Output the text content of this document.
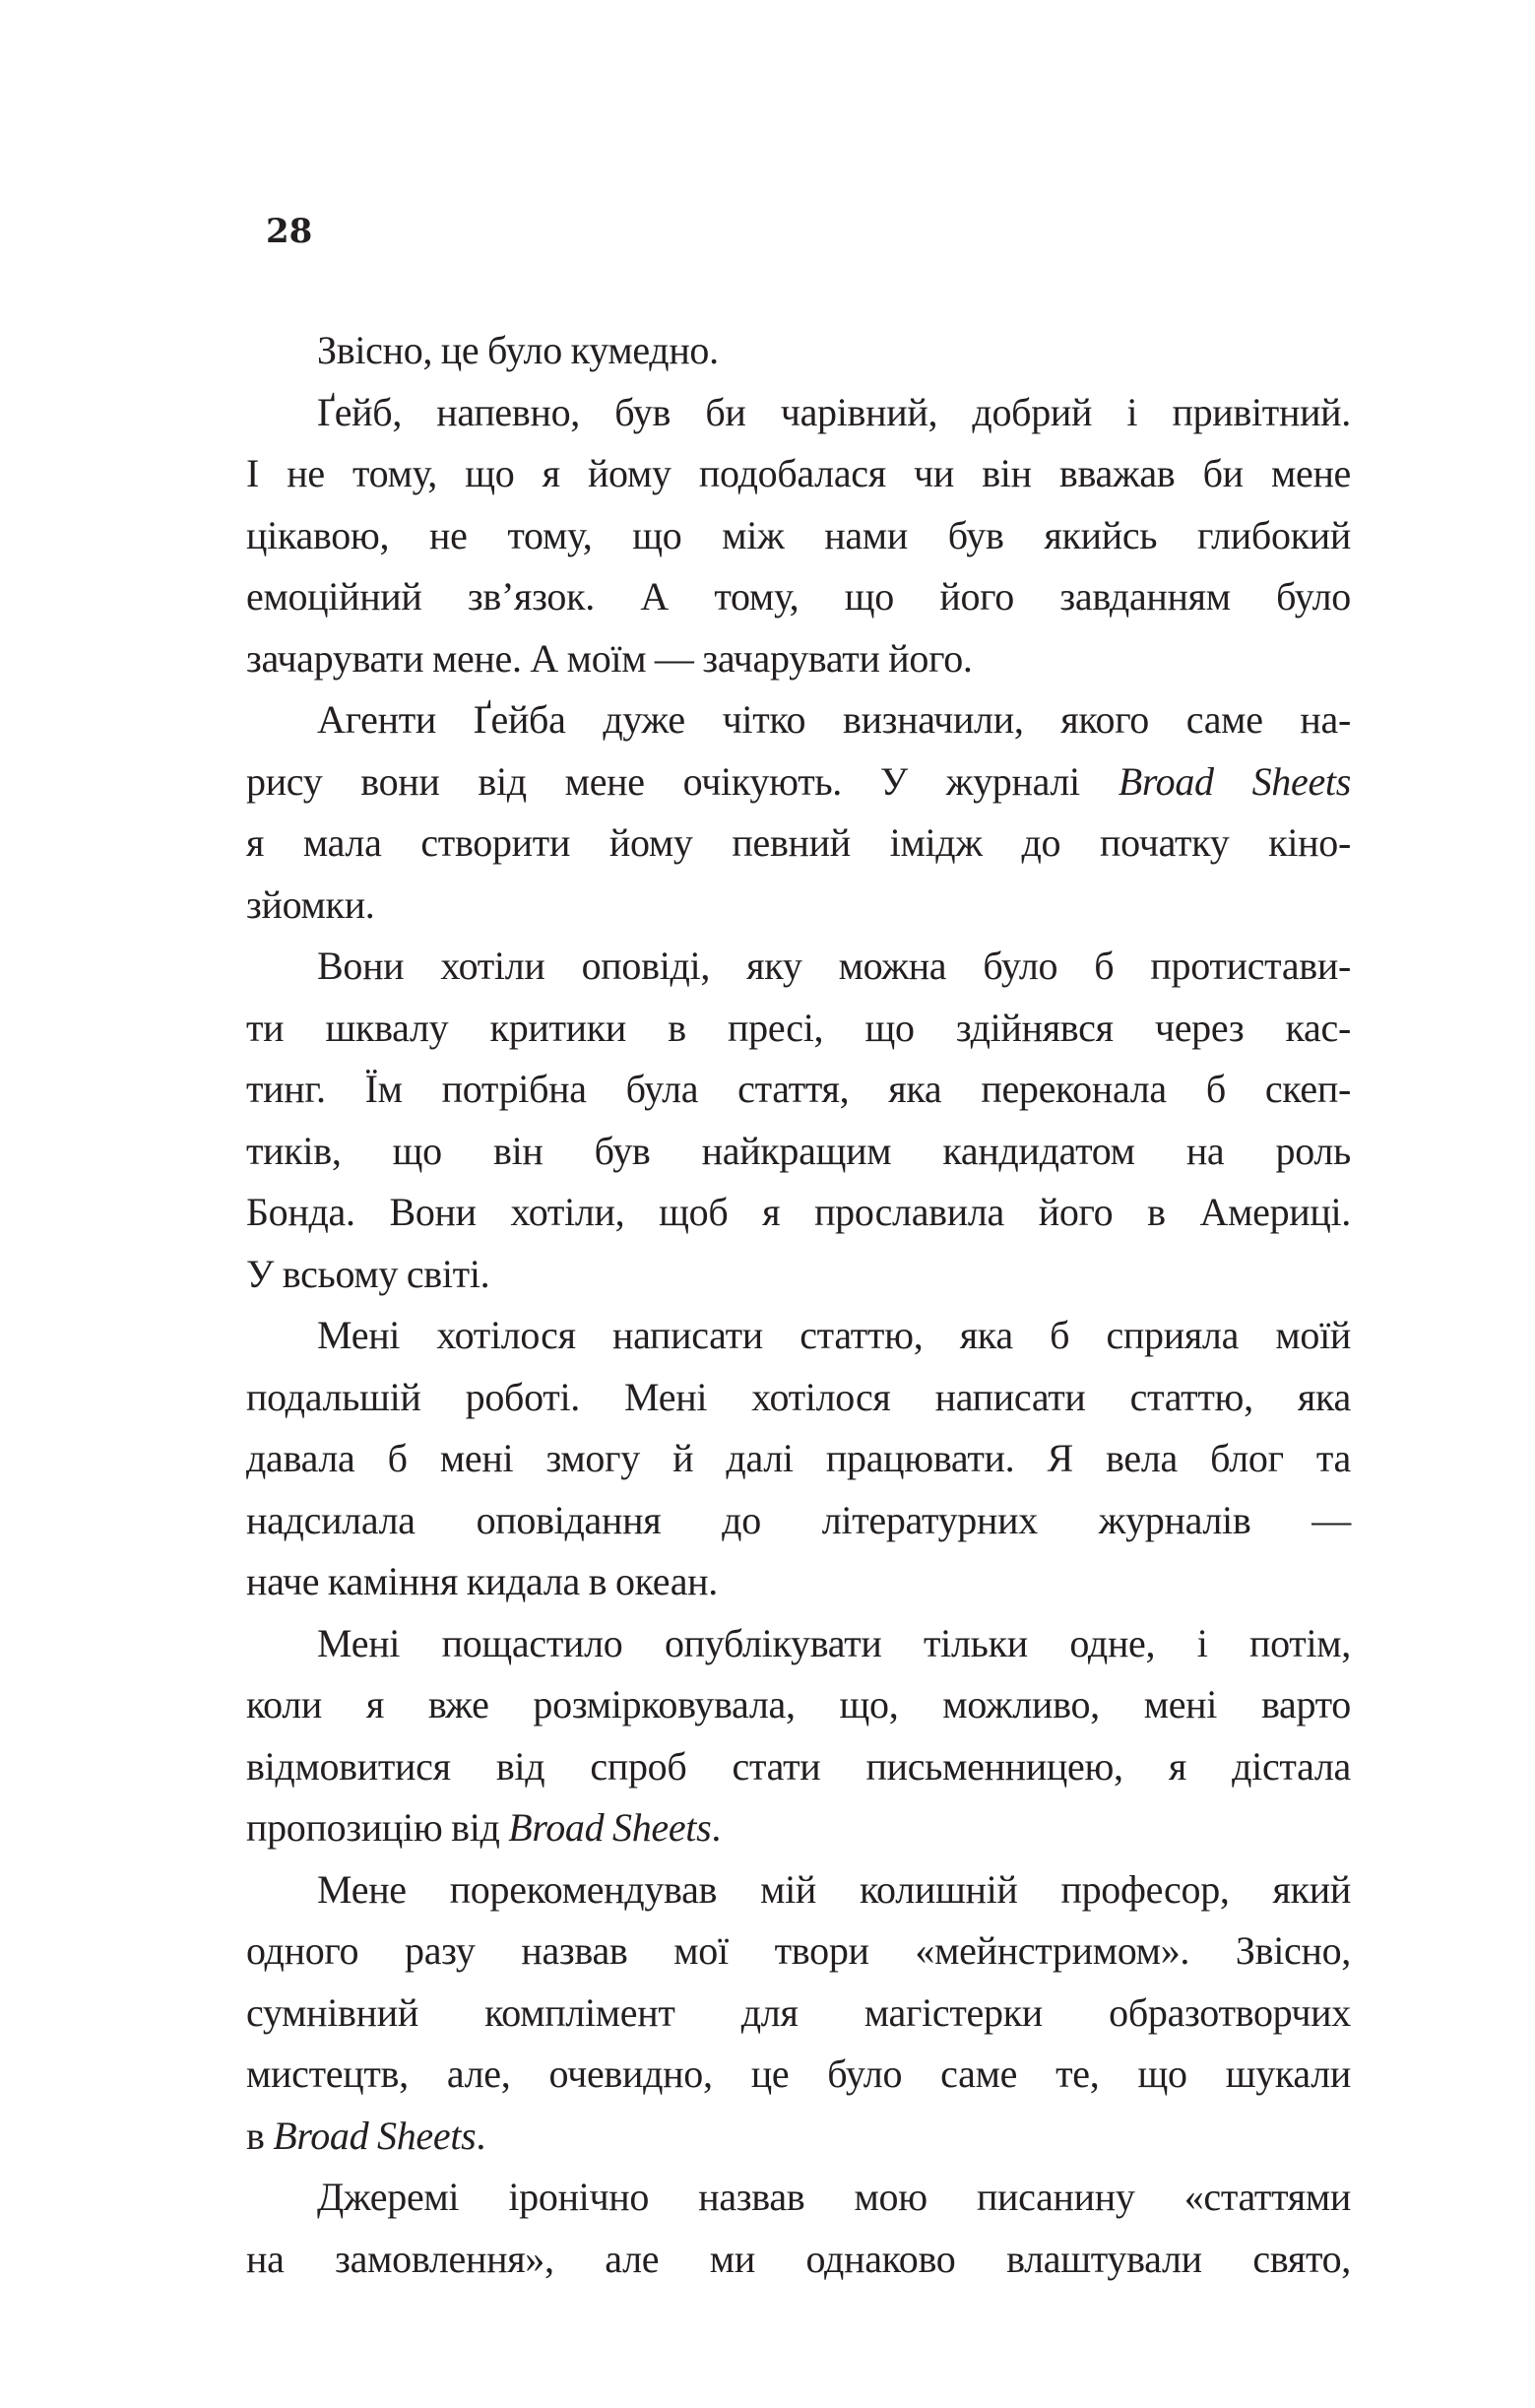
28

Звісно, це було кумедно.

Ґейб, напевно, був би чарівний, добрий і привітний.
І не тому, що я йому подобалася чи він вважав би мене
цікавою, не тому, що між нами був якийсь глибокий
емоційний зв’язок. А тому, що його завданням було
зачарувати мене. А моїм — зачарувати його.

Агенти Ґейба дуже чітко визначили, якого саме на-
рису вони від мене очікують. У журналі Broad Sheets
я мала створити йому певний імідж до початку кіно-
зйомки.

Вони хотіли оповіді, яку можна було б протистави-
ти шквалу критики в пресі, що здійнявся через кас-
тинг. Їм потрібна була стаття, яка переконала б скеп-
тиків, що він був найкращим кандидатом на роль
Бонда. Вони хотіли, щоб я прославила його в Америці.
У всьому світі.

Мені хотілося написати статтю, яка б сприяла моїй
подальшій роботі. Мені хотілося написати статтю, яка
давала б мені змогу й далі працювати. Я вела блог та
надсилала оповідання до літературних журналів —
наче каміння кидала в океан.

Мені пощастило опублікувати тільки одне, і потім,
коли я вже розмірковувала, що, можливо, мені варто
відмовитися від спроб стати письменницею, я дістала
пропозицію від Broad Sheets.

Мене порекомендував мій колишній професор, який
одного разу назвав мої твори «мейнстримом». Звісно,
сумнівний комплімент для магістерки образотворчих
мистецтв, але, очевидно, це було саме те, що шукали
в Broad Sheets.

Джеремі іронічно назвав мою писанину «статтями
на замовлення», але ми однаково влаштували свято,
